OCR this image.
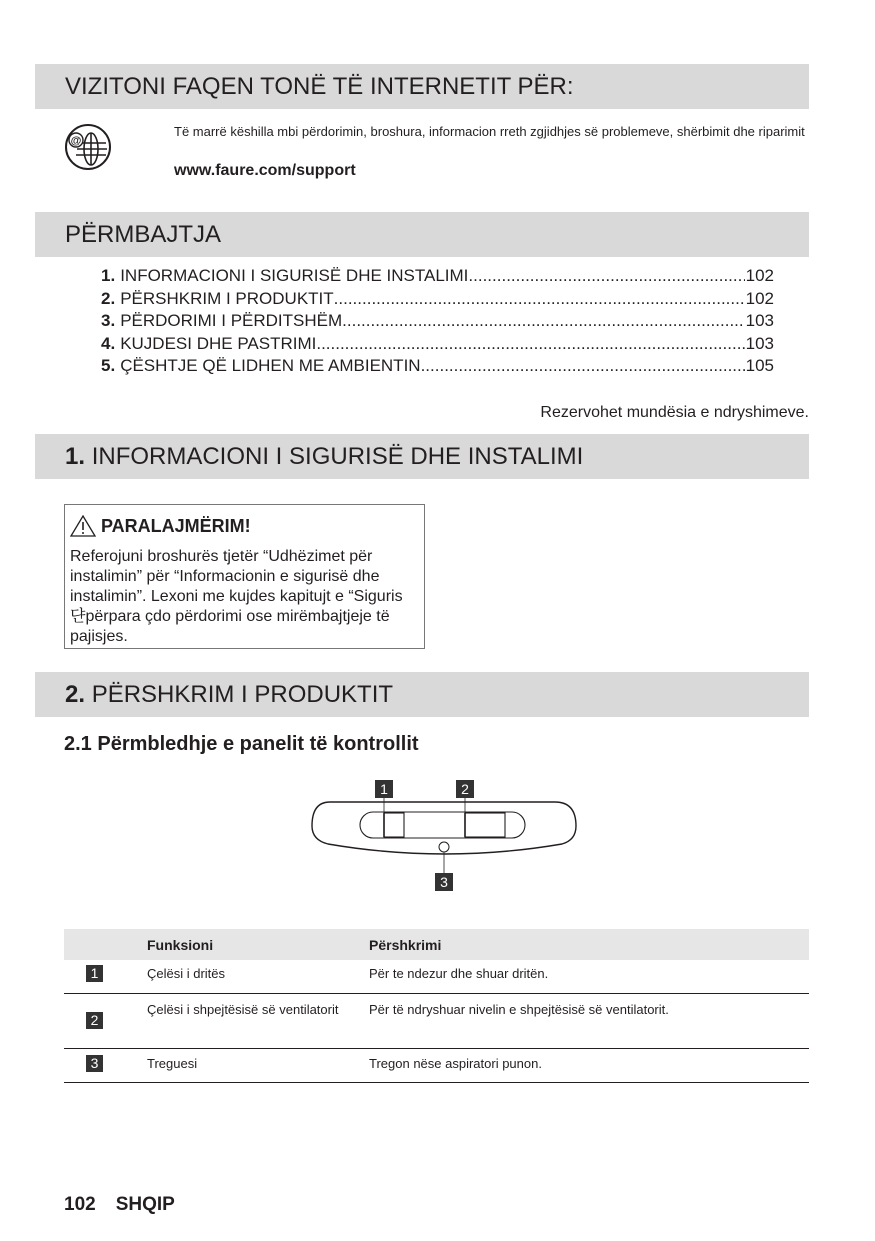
VIZITONI FAQEN TONË TË INTERNETIT PËR:
@
Të marrë këshilla mbi përdorimin, broshura, informacion rreth zgjidhjes së problemeve, shërbimit dhe riparimit
www.faure.com/support
PËRMBAJTJA
1. INFORMACIONI I SIGURISË DHE INSTALIMI .....	102
2. PËRSHKRIM I PRODUKTIT .....	102
3. PËRDORIMI I PËRDITSHËM .....	103
4. KUJDESI DHE PASTRIMI .....	103
5. ÇËSHTJE QË LIDHEN ME AMBIENTIN .....	105
Rezervohet mundësia e ndryshimeve.
1. INFORMACIONI I SIGURISË DHE INSTALIMI
PARALAJMËRIM!
Referojuni broshurës tjetër “Udhëzimet për instalimin” për “Informacionin e sigurisë dhe instalimin”. Lexoni me kujdes kapitujt e “Siguris댠përpara çdo përdorimi ose mirëmbajtjeje të pajisjes.
2. PËRSHKRIM I PRODUKTIT
2.1 Përmbledhje e panelit të kontrollit
1	2
3
	Funksioni	Përshkrimi
1	Çelësi i dritës	Për te ndezur dhe shuar dritën.
2	Çelësi i shpejtësisë së ventilatorit	Për të ndryshuar nivelin e shpejtësisë së ventilatorit.
3	Treguesi	Tregon nëse aspiratori punon.
102 SHQIP
